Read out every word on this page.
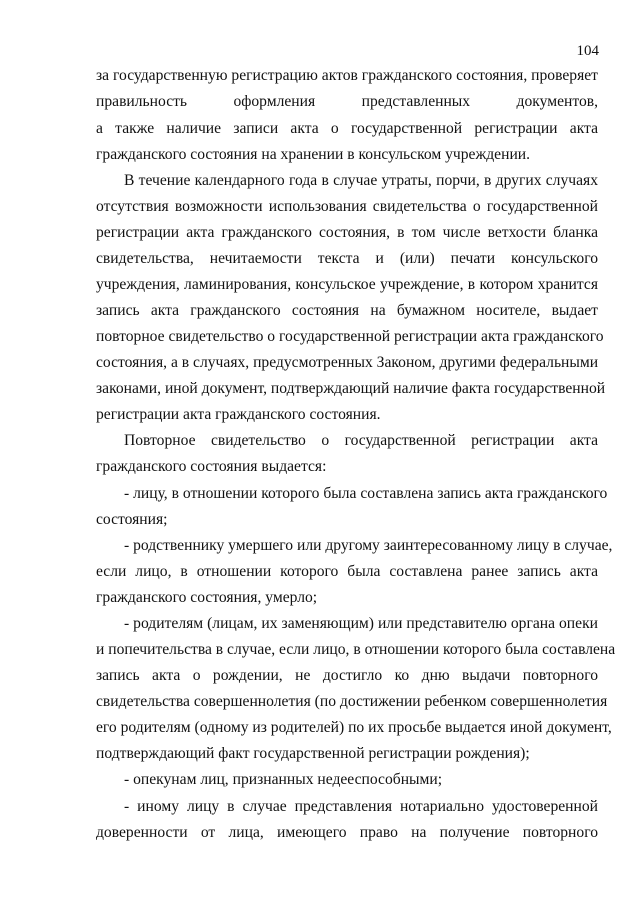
104
за государственную регистрацию актов гражданского состояния, проверяет
правильность оформления представленных документов,
а также наличие записи акта о государственной регистрации акта
гражданского состояния на хранении в консульском учреждении.
В течение календарного года в случае утраты, порчи, в других случаях
отсутствия возможности использования свидетельства о государственной
регистрации акта гражданского состояния, в том числе ветхости бланка
свидетельства, нечитаемости текста и (или) печати консульского
учреждения, ламинирования, консульское учреждение, в котором хранится
запись акта гражданского состояния на бумажном носителе, выдает
повторное свидетельство о государственной регистрации акта гражданского
состояния, а в случаях, предусмотренных Законом, другими федеральными
законами, иной документ, подтверждающий наличие факта государственной
регистрации акта гражданского состояния.
Повторное свидетельство о государственной регистрации акта
гражданского состояния выдается:
- лицу, в отношении которого была составлена запись акта гражданского
состояния;
- родственнику умершего или другому заинтересованному лицу в случае,
если лицо, в отношении которого была составлена ранее запись акта
гражданского состояния, умерло;
- родителям (лицам, их заменяющим) или представителю органа опеки
и попечительства в случае, если лицо, в отношении которого была составлена
запись акта о рождении, не достигло ко дню выдачи повторного
свидетельства совершеннолетия (по достижении ребенком совершеннолетия
его родителям (одному из родителей) по их просьбе выдается иной документ,
подтверждающий факт государственной регистрации рождения);
- опекунам лиц, признанных недееспособными;
- иному лицу в случае представления нотариально удостоверенной
доверенности от лица, имеющего право на получение повторного
